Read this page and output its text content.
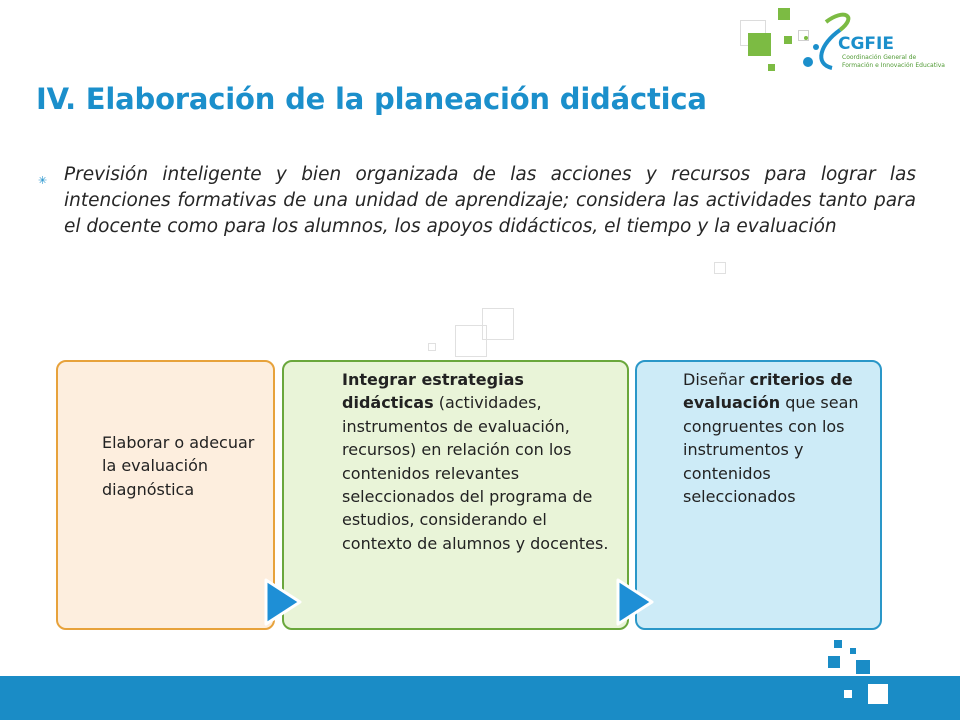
CGFIE
Coordinación General de
Formación e Innovación Educativa
IV. Elaboración de la planeación didáctica
✳ Previsión inteligente y bien organizada de las acciones y recursos para lograr las intenciones formativas de una unidad de aprendizaje; considera las actividades tanto para el docente como para los alumnos, los apoyos didácticos, el tiempo y la evaluación
Elaborar o adecuar la evaluación diagnóstica
Integrar estrategias didácticas (actividades, instrumentos de evaluación, recursos) en relación con los contenidos relevantes seleccionados del programa de estudios, considerando el contexto de alumnos y docentes.
Diseñar criterios de evaluación que sean congruentes con los instrumentos y contenidos seleccionados
